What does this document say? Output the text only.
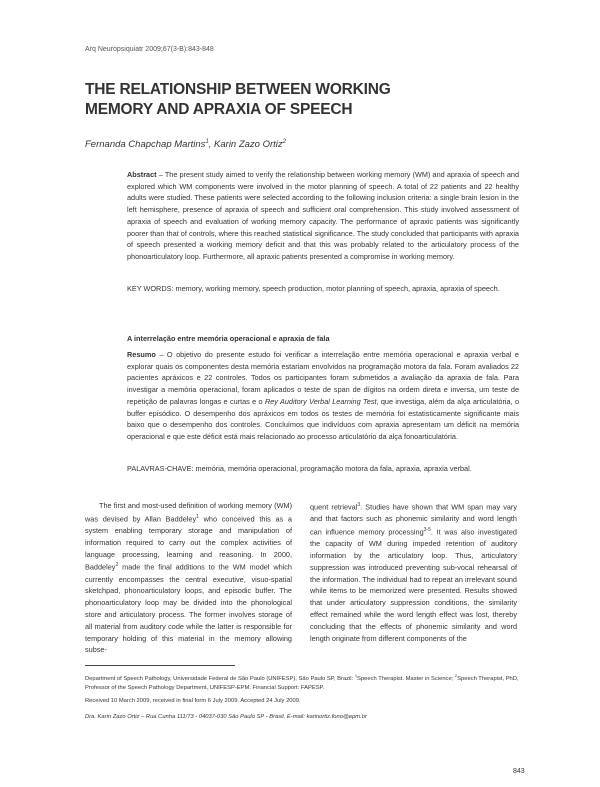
Arq Neuropsiquiatr 2009;67(3-B):843-848
THE RELATIONSHIP BETWEEN WORKING
MEMORY AND APRAXIA OF SPEECH
Fernanda Chapchap Martins$^1$, Karin Zazo Ortiz$^2$
Abstract – The present study aimed to verify the relationship between working memory (WM) and apraxia of speech and explored which WM components were involved in the motor planning of speech. A total of 22 patients and 22 healthy adults were studied. These patients were selected according to the following inclusion criteria: a single brain lesion in the left hemisphere, presence of apraxia of speech and sufficient oral comprehension. This study involved assessment of apraxia of speech and evaluation of working memory capacity. The performance of apraxic patients was significantly poorer than that of controls, where this reached statistical significance. The study concluded that participants with apraxia of speech presented a working memory deficit and that this was probably related to the articulatory process of the phonoarticulatory loop. Furthermore, all apraxic patients presented a compromise in working memory.
KEY WORDS: memory, working memory, speech production, motor planning of speech, apraxia, apraxia of speech.
A interrelação entre memória operacional e apraxia de fala
Resumo – O objetivo do presente estudo foi verificar a interrelação entre memória operacional e apraxia verbal e explorar quais os componentes desta memória estariam envolvidos na programação motora da fala. Foram avaliados 22 pacientes apráxicos e 22 controles. Todos os participantes foram submetidos a avaliação da apraxia de fala. Para investigar a memória operacional, foram aplicados o teste de span de dígitos na ordem direta e inversa, um teste de repetição de palavras longas e curtas e o Rey Auditory Verbal Learning Test, que investiga, além da alça articulatória, o buffer episódico. O desempenho dos apráxicos em todos os testes de memória foi estatisticamente significante mais baixo que o desempenho dos controles. Concluímos que indivíduos com apraxia apresentam um déficit na memória operacional e que este déficit está mais relacionado ao processo articulatório da alça fonoarticulatória.
PALAVRAS-CHAVE: memória, memória operacional, programação motora da fala, apraxia, apraxia verbal.
The first and most-used definition of working memory (WM) was devised by Allan Baddeley$^1$ who conceived this as a system enabling temporary storage and manipulation of information required to carry out the complex activities of language processing, learning and reasoning. In 2000, Baddeley$^2$ made the final additions to the WM model which currently encompasses the central executive, visuo-spatial sketchpad, phonoarticulatory loops, and episodic buffer. The phonoarticulatory loop may be divided into the phonological store and articulatory process. The former involves storage of all material from auditory code while the latter is responsible for temporary holding of this material in the memory allowing subse-
quent retrieval$^3$. Studies have shown that WM span may vary and that factors such as phonemic similarity and word length can influence memory processing$^{3-5}$. It was also investigated the capacity of WM during impeded retention of auditory information by the articulatory loop. Thus, articulatory suppression was introduced preventing sub-vocal rehearsal of the information. The individual had to repeat an irrelevant sound while items to be memorized were presented. Results showed that under articulatory suppression conditions, the similarity effect remained while the word length effect was lost, thereby concluding that the effects of phonemic similarity and word length originate from different components of the
Department of Speech Pathology, Universidade Federal de São Paulo (UNIFESP), São Paulo SP, Brazil: $^1$Speech Therapist. Master in Science; $^2$Speech Therapist, PhD, Professor of the Speech Pathology Department, UNIFESP-EPM. Financial Support: FAPESP.
Received 10 March 2009, received in final form 6 July 2009. Accepted 24 July 2009.
Dra. Karin Zazo Ortiz – Rua Cunha 111/73 - 04037-030 São Paulo SP - Brasil. E-mail: karinortiz.fono@epm.br
843
